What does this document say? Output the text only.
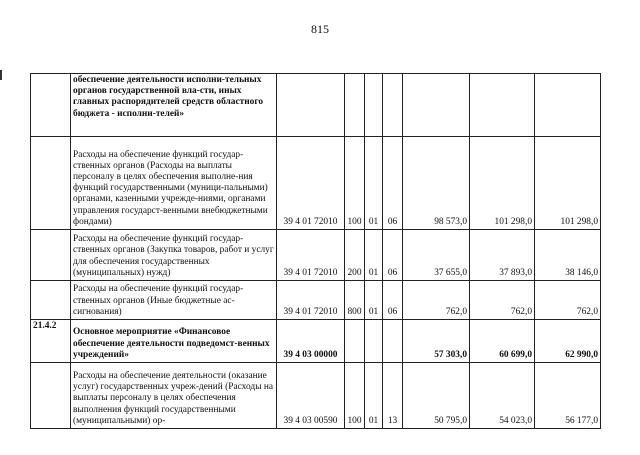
815
	обеспечение деятельности исполни-тельных органов государственной вла-сти, иных главных распорядителей средств областного бюджета - исполни-телей»							
	Расходы на обеспечение функций государ-ственных органов (Расходы на выплаты персоналу в целях обеспечения выполне-ния функций государственными (муници-пальными) органами, казенными учрежде-ниями, органами управления государст-венными внебюджетными фондами)	39 4 01 72010	100	01	06	98 573,0	101 298,0	101 298,0
	Расходы на обеспечение функций государ-ственных органов (Закупка товаров, работ и услуг для обеспечения государственных (муниципальных) нужд)	39 4 01 72010	200	01	06	37 655,0	37 893,0	38 146,0
	Расходы на обеспечение функций государ-ственных органов (Иные бюджетные ас-сигнования)	39 4 01 72010	800	01	06	762,0	762,0	762,0
21.4.2	Основное мероприятие «Финансовое обеспечение деятельности подведомст-венных учреждений»	39 4 03 00000				57 303,0	60 699,0	62 990,0
	Расходы на обеспечение деятельности (оказание услуг) государственных учреж-дений (Расходы на выплаты персоналу в целях обеспечения выполнения функций государственными (муниципальными) ор-	39 4 03 00590	100	01	13	50 795,0	54 023,0	56 177,0
